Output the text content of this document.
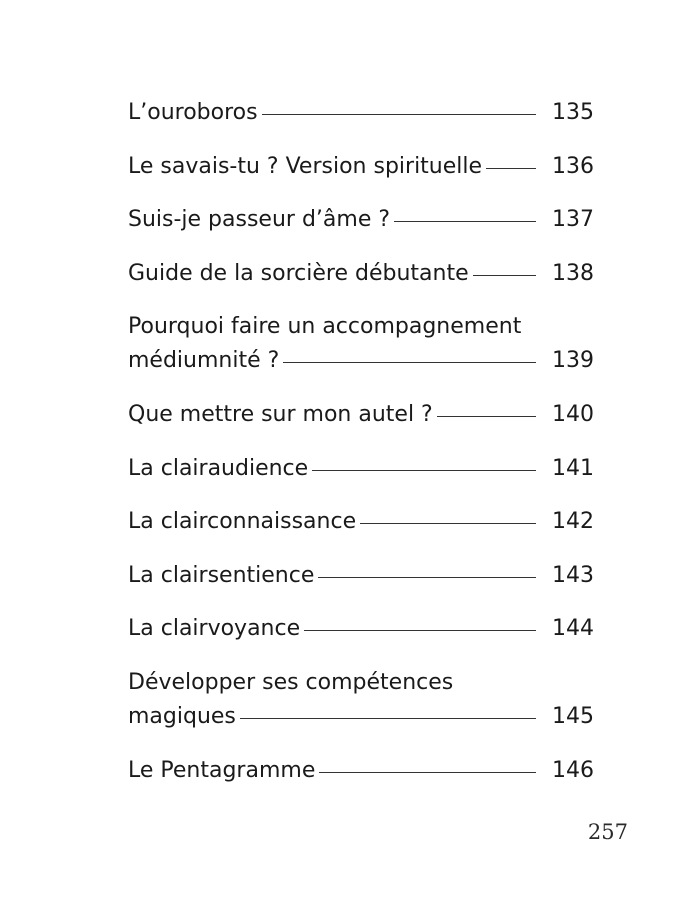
L’ouroboros	135
Le savais-tu ? Version spirituelle	136
Suis-je passeur d’âme ?	137
Guide de la sorcière débutante	138
Pourquoi faire un accompagnement
médiumnité ?	139
Que mettre sur mon autel ?	140
La clairaudience	141
La clairconnaissance	142
La clairsentience	143
La clairvoyance	144
Développer ses compétences
magiques	145
Le Pentagramme	146
257
